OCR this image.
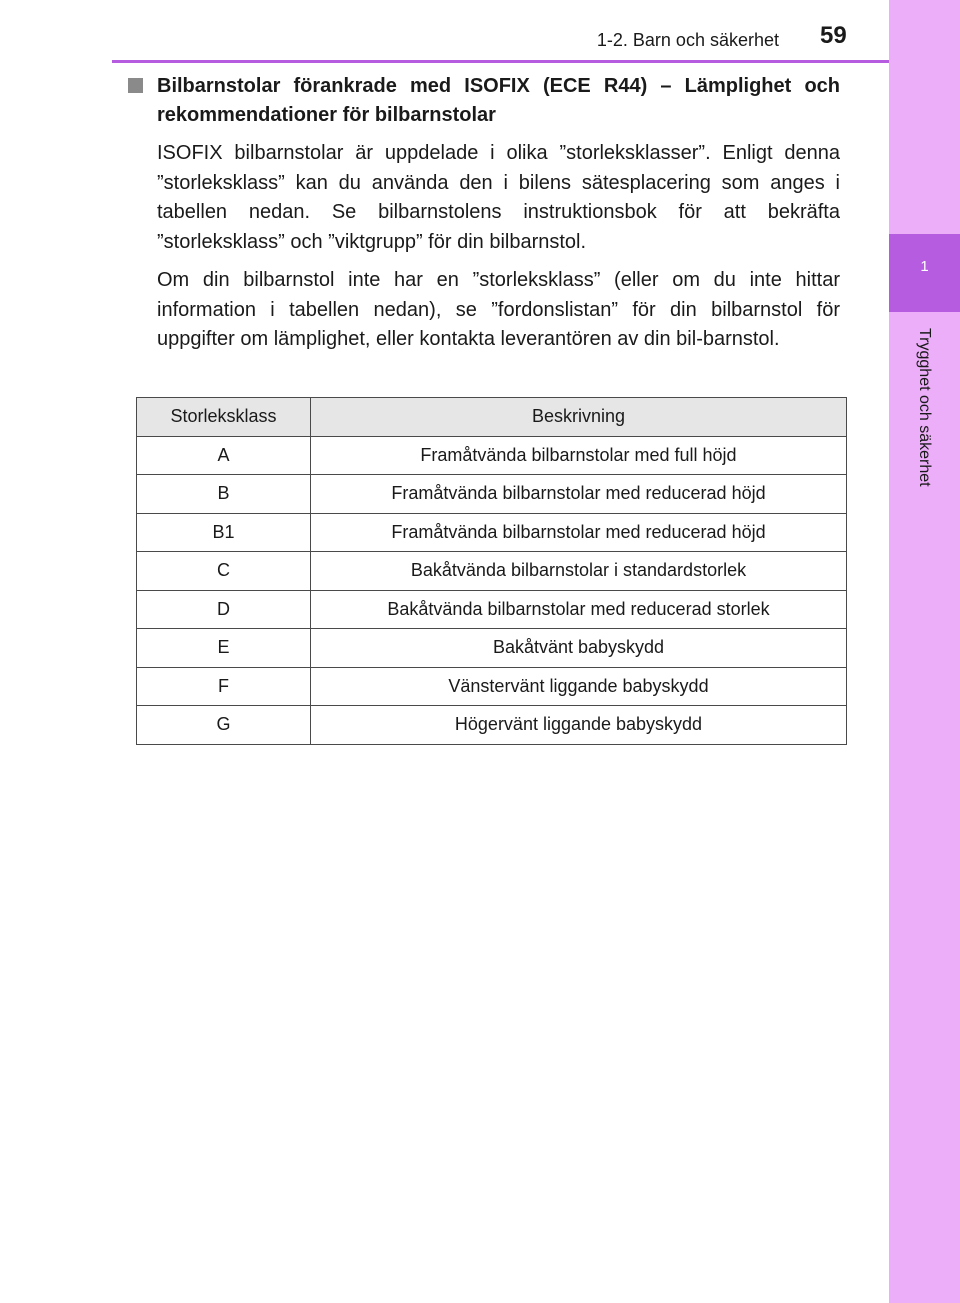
1
Trygghet och säkerhet
1-2. Barn och säkerhet 59
Bilbarnstolar förankrade med ISOFIX (ECE R44) – Lämplighet och rekommendationer för bilbarnstolar

ISOFIX bilbarnstolar är uppdelade i olika ”storleksklasser”. Enligt denna ”storleksklass” kan du använda den i bilens sätesplacering som anges i tabellen nedan. Se bilbarnstolens instruktionsbok för att bekräfta ”storleksklass” och ”viktgrupp” för din bilbarnstol.

Om din bilbarnstol inte har en ”storleksklass” (eller om du inte hittar information i tabellen nedan), se ”fordonslistan” för din bilbarnstol för uppgifter om lämplighet, eller kontakta leverantören av din bil-barnstol.

Storleksklass	Beskrivning
A	Framåtvända bilbarnstolar med full höjd
B	Framåtvända bilbarnstolar med reducerad höjd
B1	Framåtvända bilbarnstolar med reducerad höjd
C	Bakåtvända bilbarnstolar i standardstorlek
D	Bakåtvända bilbarnstolar med reducerad storlek
E	Bakåtvänt babyskydd
F	Vänstervänt liggande babyskydd
G	Högervänt liggande babyskydd
